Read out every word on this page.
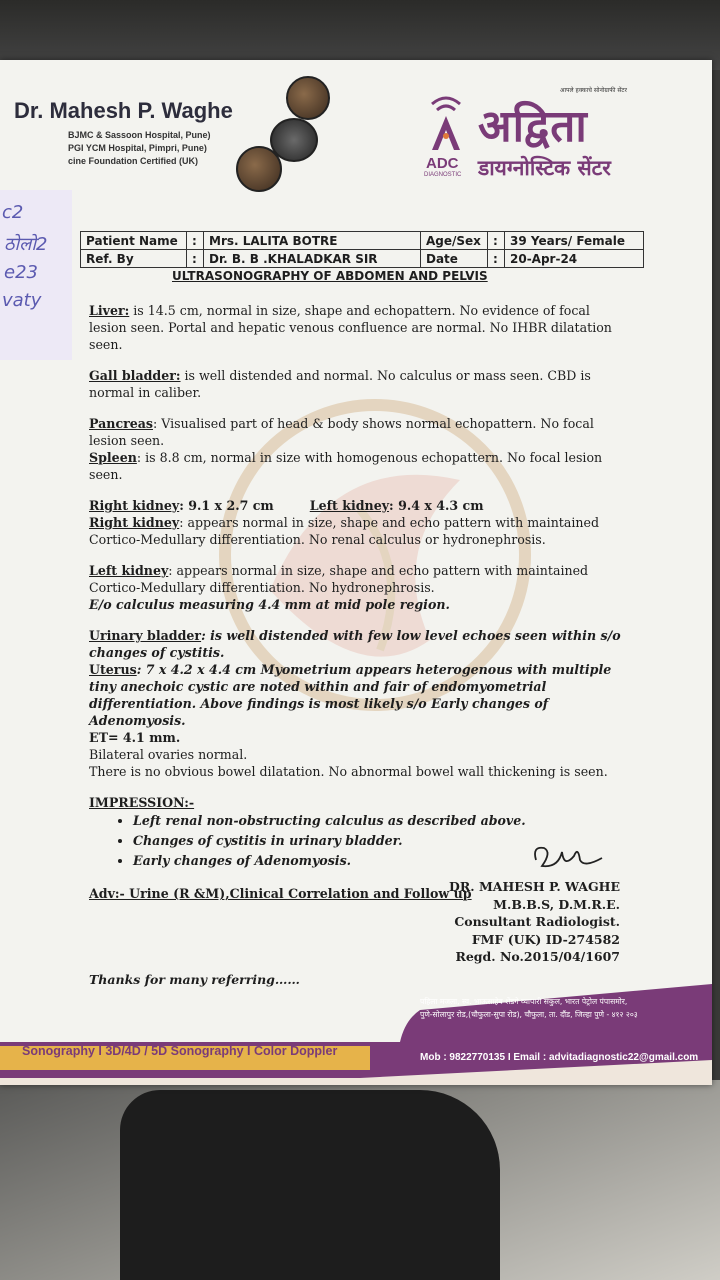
c2
ठोलो2
e23
vaty
Dr. Mahesh P. Waghe
BJMC & Sassoon Hospital, Pune)
PGI YCM Hospital, Pimpri, Pune)
cine Foundation Certified (UK)
आपले हक्काचे सोनोग्राफी सेंटर
अद्विता
ADC
DIAGNOSTIC डायग्नोस्टिक सेंटर
Patient Name	:	Mrs. LALITA BOTRE	Age/Sex	:	39 Years/ Female
Ref. By	:	Dr. B. B .KHALADKAR SIR	Date	:	20-Apr-24
ULTRASONOGRAPHY OF ABDOMEN AND PELVIS

Liver: is 14.5 cm, normal in size, shape and echopattern. No evidence of focal lesion seen. Portal and hepatic venous confluence are normal. No IHBR dilatation seen.

Gall bladder: is well distended and normal. No calculus or mass seen. CBD is normal in caliber.

Pancreas: Visualised part of head & body shows normal echopattern. No focal lesion seen.

Spleen: is 8.8 cm, normal in size with homogenous echopattern. No focal lesion seen.

Right kidney: 9.1 x 2.7 cm	Left kidney: 9.4 x 4.3 cm

Right kidney: appears normal in size, shape and echo pattern with maintained Cortico-Medullary differentiation. No renal calculus or hydronephrosis.

Left kidney: appears normal in size, shape and echo pattern with maintained Cortico-Medullary differentiation. No hydronephrosis.

E/o calculus measuring 4.4 mm at mid pole region.

Urinary bladder: is well distended with few low level echoes seen within s/o changes of cystitis.

Uterus: 7 x 4.2 x 4.4 cm Myometrium appears heterogenous with multiple tiny anechoic cystic are noted within and fair of endomyometrial differentiation. Above findings is most likely s/o Early changes of Adenomyosis.

ET= 4.1 mm.

Bilateral ovaries normal.

There is no obvious bowel dilatation. No abnormal bowel wall thickening is seen.

IMPRESSION:-

• Left renal non-obstructing calculus as described above.
• Changes of cystitis in urinary bladder.
• Early changes of Adenomyosis.

Adv:- Urine (R &M),Clinical Correlation and Follow up

DR. MAHESH P. WAGHE
M.B.B.S, D.M.R.E.
Consultant Radiologist.
FMF (UK) ID-274582
Regd. No.2015/04/1607
Thanks for many referring……
Sonography I 3D/4D / 5D Sonography I Color Doppler
पहिला मजला, स्व. भाऊसाहेब शेंडगे व्यापारी संकुल, भारत पेट्रोल पंपासमोर,
पुणे-सोलापुर रोड,(चौफुला-सुपा रोड), चौफुला, ता. दौंड, जिल्हा पुणे - ४१२ २०३
Mob : 9822770135 I Email : advitadiagnostic22@gmail.com
